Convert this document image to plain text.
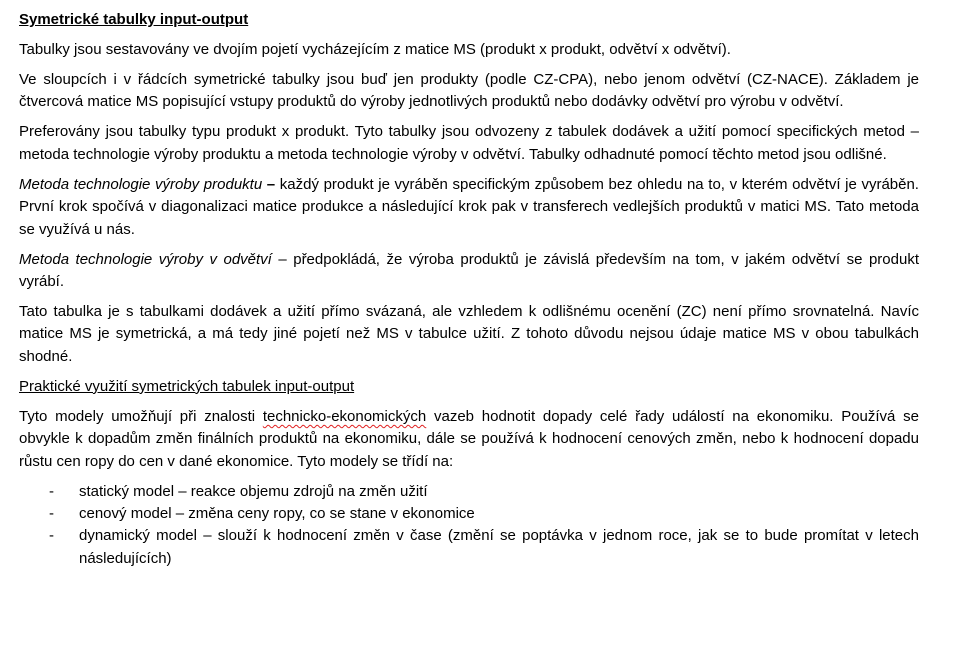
Symetrické tabulky input-output

Tabulky jsou sestavovány ve dvojím pojetí vycházejícím z matice MS (produkt x produkt, odvětví x odvětví).

Ve sloupcích i v řádcích symetrické tabulky jsou buď jen produkty (podle CZ-CPA), nebo jenom odvětví (CZ-NACE). Základem je čtvercová matice MS popisující vstupy produktů do výroby jednotlivých produktů nebo dodávky odvětví pro výrobu v odvětví.

Preferovány jsou tabulky typu produkt x produkt. Tyto tabulky jsou odvozeny z tabulek dodávek a užití pomocí specifických metod – metoda technologie výroby produktu a metoda technologie výroby v odvětví. Tabulky odhadnuté pomocí těchto metod jsou odlišné.

Metoda technologie výroby produktu – každý produkt je vyráběn specifickým způsobem bez ohledu na to, v kterém odvětví je vyráběn. První krok spočívá v diagonalizaci matice produkce a následující krok pak v transferech vedlejších produktů v matici MS. Tato metoda se využívá u nás.

Metoda technologie výroby v odvětví – předpokládá, že výroba produktů je závislá především na tom, v jakém odvětví se produkt vyrábí.

Tato tabulka je s tabulkami dodávek a užití přímo svázaná, ale vzhledem k odlišnému ocenění (ZC) není přímo srovnatelná. Navíc matice MS je symetrická, a má tedy jiné pojetí než MS v tabulce užití. Z tohoto důvodu nejsou údaje matice MS v obou tabulkách shodné.

Praktické využití symetrických tabulek input-output

Tyto modely umožňují při znalosti technicko-ekonomických vazeb hodnotit dopady celé řady událostí na ekonomiku. Používá se obvykle k dopadům změn finálních produktů na ekonomiku, dále se používá k hodnocení cenových změn, nebo k hodnocení dopadu růstu cen ropy do cen v dané ekonomice. Tyto modely se třídí na:

- statický model – reakce objemu zdrojů na změn užití
- cenový model – změna ceny ropy, co se stane v ekonomice
- dynamický model – slouží k hodnocení změn v čase (změní se poptávka v jednom roce, jak se to bude promítat v letech následujících)
